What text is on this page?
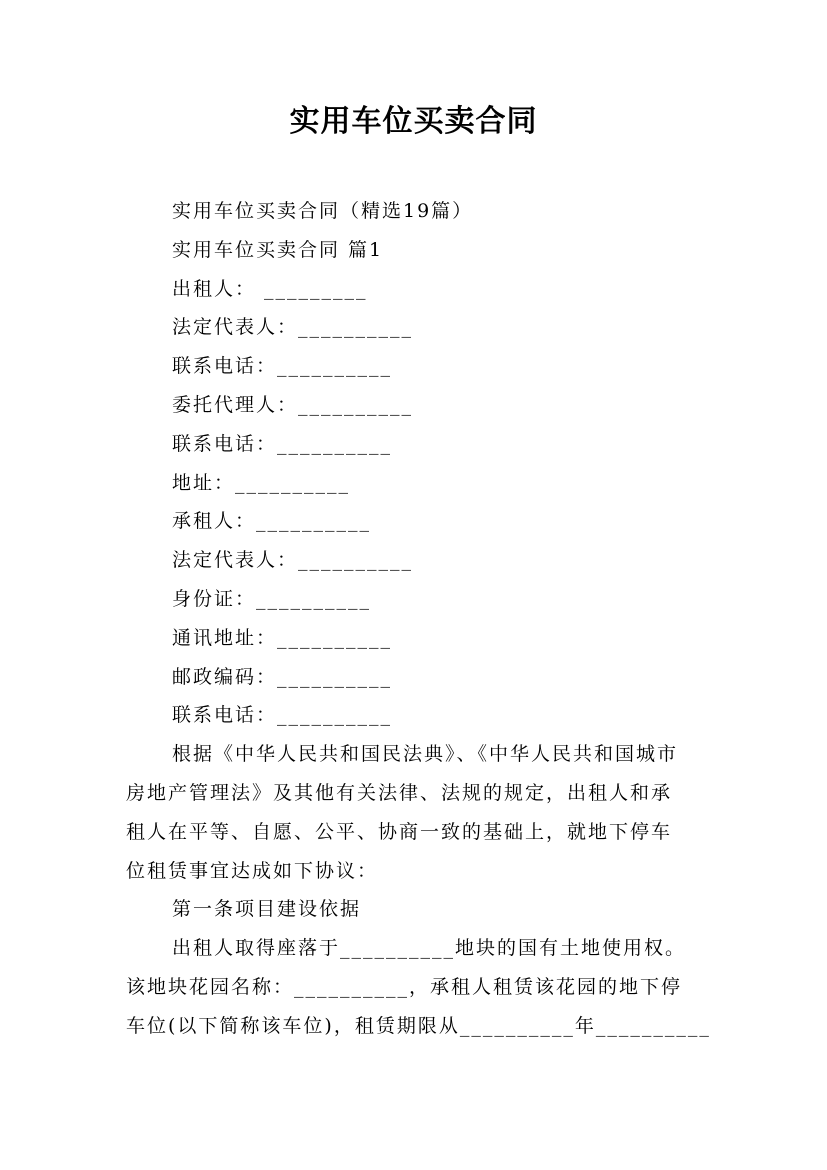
实用车位买卖合同
实用车位买卖合同（精选19篇）
实用车位买卖合同 篇1
出租人： _________
法定代表人：__________
联系电话：__________
委托代理人：__________
联系电话：__________
地址：__________
承租人：__________
法定代表人：__________
身份证：__________
通讯地址：__________
邮政编码：__________
联系电话：__________
根据《中华人民共和国民法典》、《中华人民共和国城市
房地产管理法》及其他有关法律、法规的规定，出租人和承
租人在平等、自愿、公平、协商一致的基础上，就地下停车
位租赁事宜达成如下协议：
第一条项目建设依据
出租人取得座落于__________地块的国有土地使用权。
该地块花园名称：__________，承租人租赁该花园的地下停
车位(以下简称该车位)，租赁期限从__________年__________
